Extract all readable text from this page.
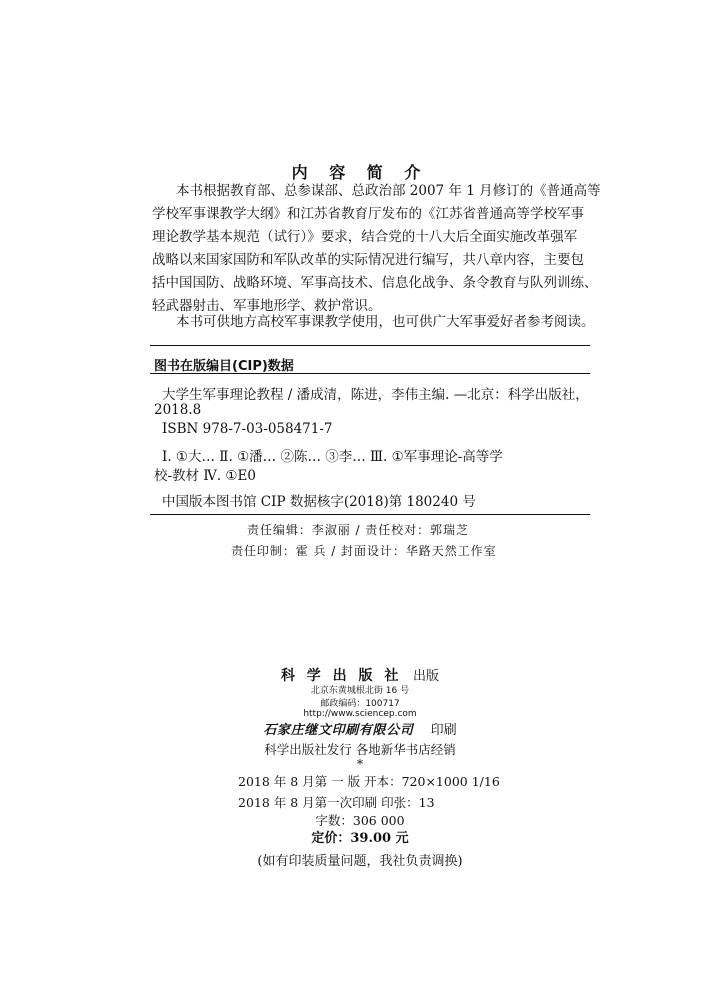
内 容 简 介
本书根据教育部、总参谋部、总政治部 2007 年 1 月修订的《普通高等
学校军事课教学大纲》和江苏省教育厅发布的《江苏省普通高等学校军事
理论教学基本规范（试行）》要求，结合党的十八大后全面实施改革强军
战略以来国家国防和军队改革的实际情况进行编写，共八章内容，主要包
括中国国防、战略环境、军事高技术、信息化战争、条令教育与队列训练、
轻武器射击、军事地形学、救护常识。
本书可供地方高校军事课教学使用，也可供广大军事爱好者参考阅读。
图书在版编目(CIP)数据
大学生军事理论教程 / 潘成清，陈进，李伟主编. —北京：科学出版社，
2018.8
ISBN 978-7-03-058471-7
Ⅰ. ①大… Ⅱ. ①潘… ②陈… ③李… Ⅲ. ①军事理论-高等学
校-教材 Ⅳ. ①E0
中国版本图书馆 CIP 数据核字(2018)第 180240 号
责任编辑：李淑丽 / 责任校对：郭瑞芝
责任印制：霍 兵 / 封面设计：华路天然工作室
科 学 出 版 社 出版
北京东黄城根北街 16 号
邮政编码：100717
http://www.sciencep.com
石家庄继文印刷有限公司 印刷
科学出版社发行 各地新华书店经销
*
2018 年 8 月第 一 版 开本：720×1000 1/16
2018 年 8 月第一次印刷 印张：13
字数：306 000
定价：39.00 元
(如有印装质量问题，我社负责调换)
